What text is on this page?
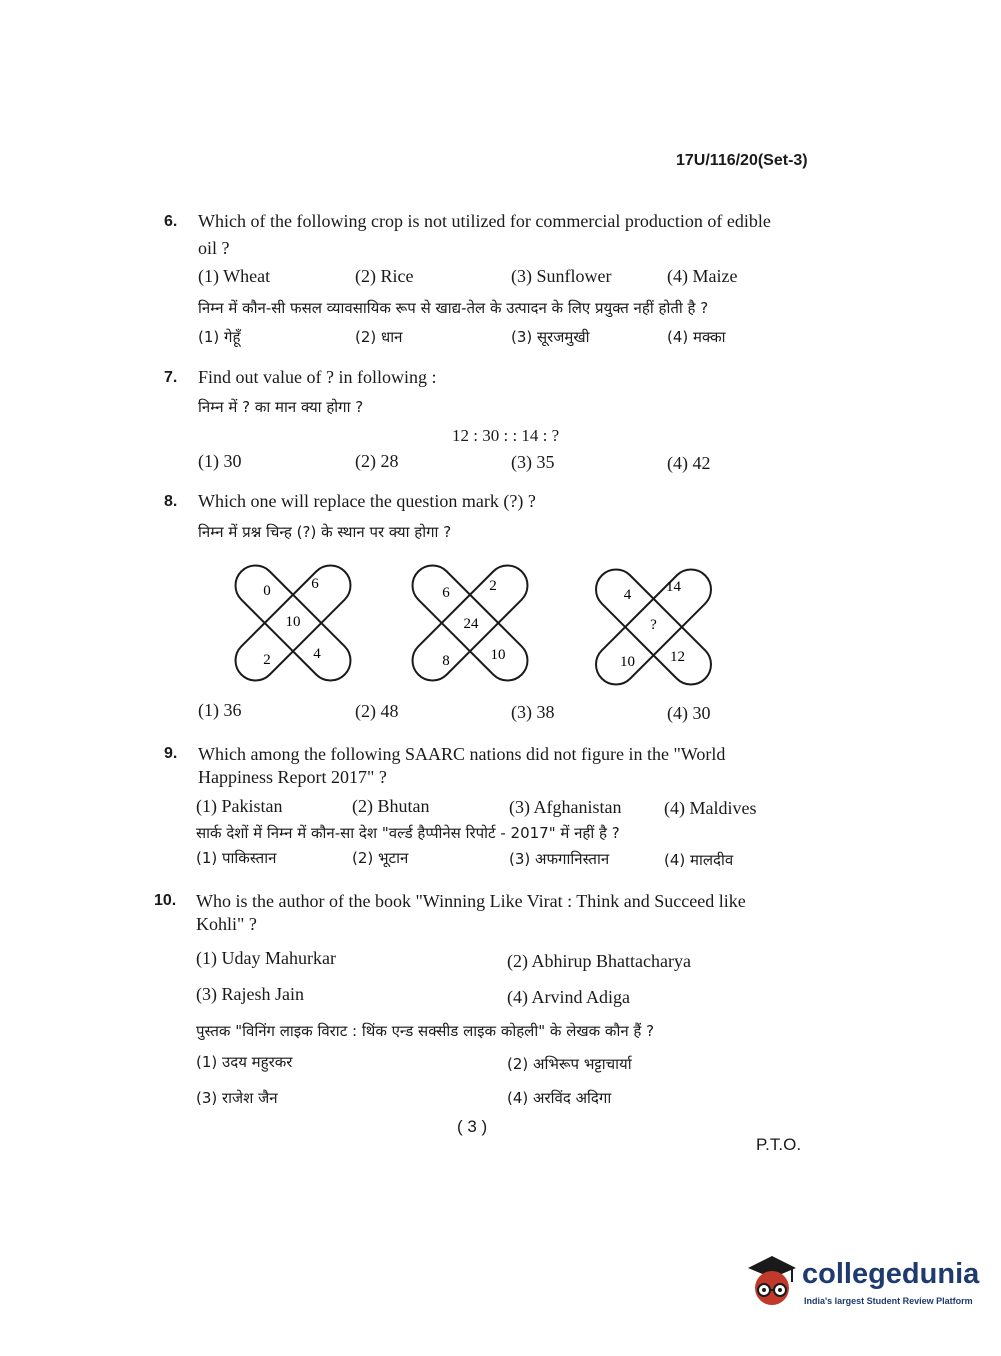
17U/116/20(Set-3)
6. Which of the following crop is not utilized for commercial production of edible
oil ?
(1) Wheat	(2) Rice	(3) Sunflower	(4) Maize
निम्न में कौन-सी फसल व्यावसायिक रूप से खाद्य-तेल के उत्पादन के लिए प्रयुक्त नहीं होती है ?
(1) गेहूँ	(2) धान	(3) सूरजमुखी	(4) मक्का
7. Find out value of ? in following :
निम्न में ? का मान क्या होगा ?
12 : 30 : : 14 : ?
(1) 30	(2) 28	(3) 35	(4) 42
8. Which one will replace the question mark (?) ?
निम्न में प्रश्न चिन्ह (?) के स्थान पर क्या होगा ?
0	6
10
2	4
6	2
24
8	10
4 14
?
10 12
(1) 36	(2) 48	(3) 38	(4) 30
9. Which among the following SAARC nations did not figure in the "World
Happiness Report 2017" ?
(1) Pakistan	(2) Bhutan	(3) Afghanistan (4) Maldives
सार्क देशों में निम्न में कौन-सा देश "वर्ल्ड हैप्पीनेस रिपोर्ट - 2017" में नहीं है ?
(1) पाकिस्तान	(2) भूटान	(3) अफगानिस्तान	(4) मालदीव
10. Who is the author of the book "Winning Like Virat : Think and Succeed like
Kohli" ?
(1) Uday Mahurkar	(2) Abhirup Bhattacharya
(3) Rajesh Jain	(4) Arvind Adiga
पुस्तक "विनिंग लाइक विराट : थिंक एन्ड सक्सीड लाइक कोहली" के लेखक कौन हैं ?
(1) उदय महुरकर	(2) अभिरूप भट्टाचार्या
(3) राजेश जैन	(4) अरविंद अदिगा
( 3 )
P.T.O.
collegedunia
India's largest Student Review Platform
